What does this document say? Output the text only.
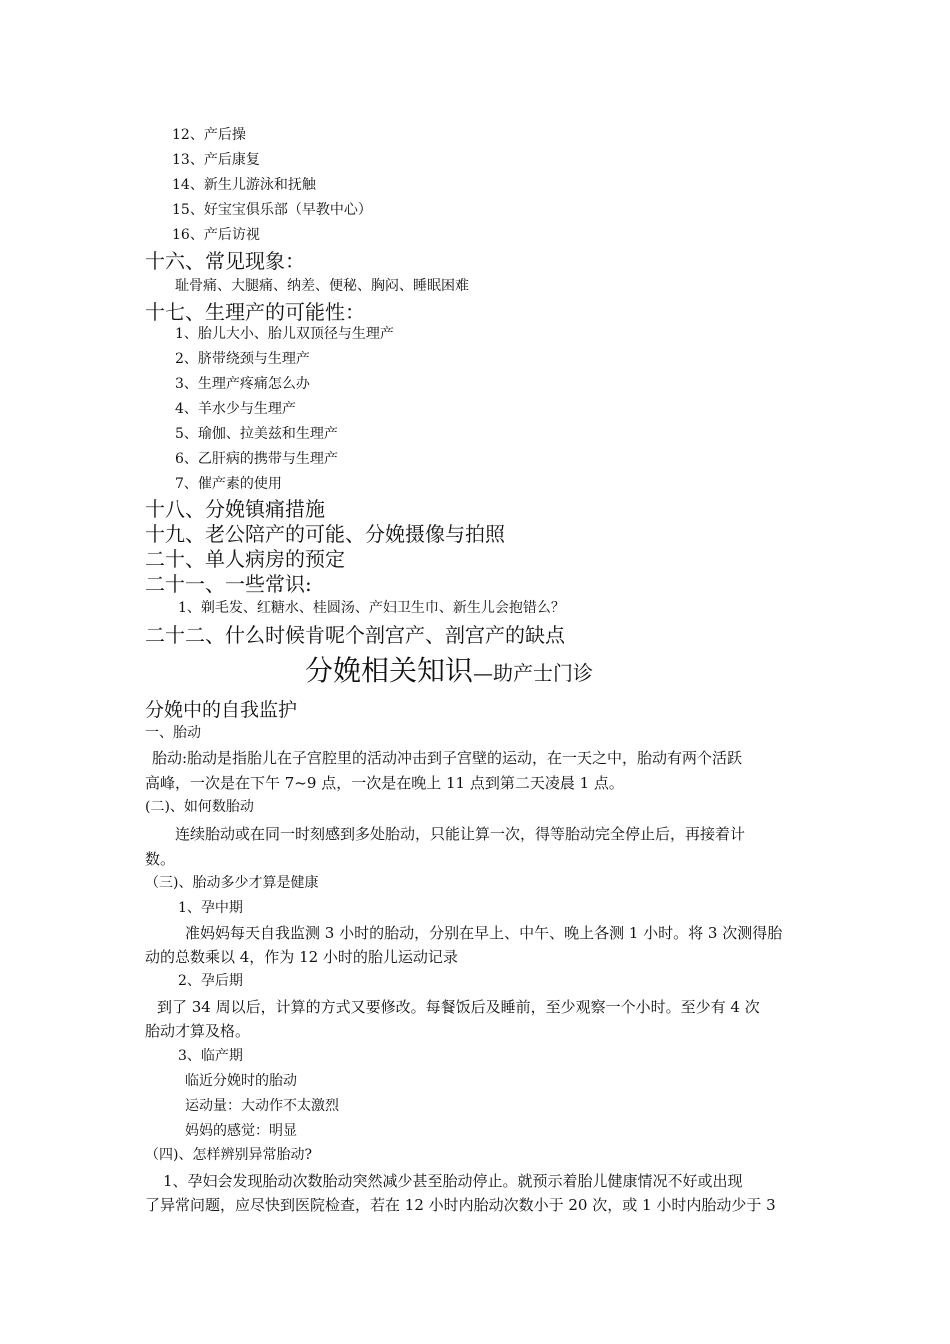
12、产后操
13、产后康复
14、新生儿游泳和抚触
15、好宝宝俱乐部（早教中心）
16、产后访视
十六、常见现象：
耻骨痛、大腿痛、纳差、便秘、胸闷、睡眠困难
十七、生理产的可能性：
1、胎儿大小、胎儿双顶径与生理产
2、脐带绕颈与生理产
3、生理产疼痛怎么办
4、羊水少与生理产
5、瑜伽、拉美兹和生理产
6、乙肝病的携带与生理产
7、催产素的使用
十八、分娩镇痛措施
十九、老公陪产的可能、分娩摄像与拍照
二十、单人病房的预定
二十一、一些常识:
1、剃毛发、红糖水、桂圆汤、产妇卫生巾、新生儿会抱错么？
二十二、什么时候肯呢个剖宫产、剖宫产的缺点
分娩相关知识—助产士门诊
分娩中的自我监护
一、胎动
胎动:胎动是指胎儿在子宫腔里的活动冲击到子宫壁的运动，在一天之中，胎动有两个活跃
高峰，一次是在下午 7~9 点，一次是在晚上 11 点到第二天凌晨 1 点。
(二)、如何数胎动
连续胎动或在同一时刻感到多处胎动，只能让算一次，得等胎动完全停止后，再接着计
数。
（三)、胎动多少才算是健康
1、孕中期
准妈妈每天自我监测 3 小时的胎动，分别在早上、中午、晚上各测 1 小时。将 3 次测得胎
动的总数乘以 4，作为 12 小时的胎儿运动记录
2、孕后期
到了 34 周以后，计算的方式又要修改。每餐饭后及睡前，至少观察一个小时。至少有 4 次
胎动才算及格。
3、临产期
临近分娩时的胎动
运动量：大动作不太激烈
妈妈的感觉：明显
（四)、怎样辨别异常胎动?
1、孕妇会发现胎动次数胎动突然减少甚至胎动停止。就预示着胎儿健康情况不好或出现
了异常问题，应尽快到医院检查，若在 12 小时内胎动次数小于 20 次，或 1 小时内胎动少于 3
